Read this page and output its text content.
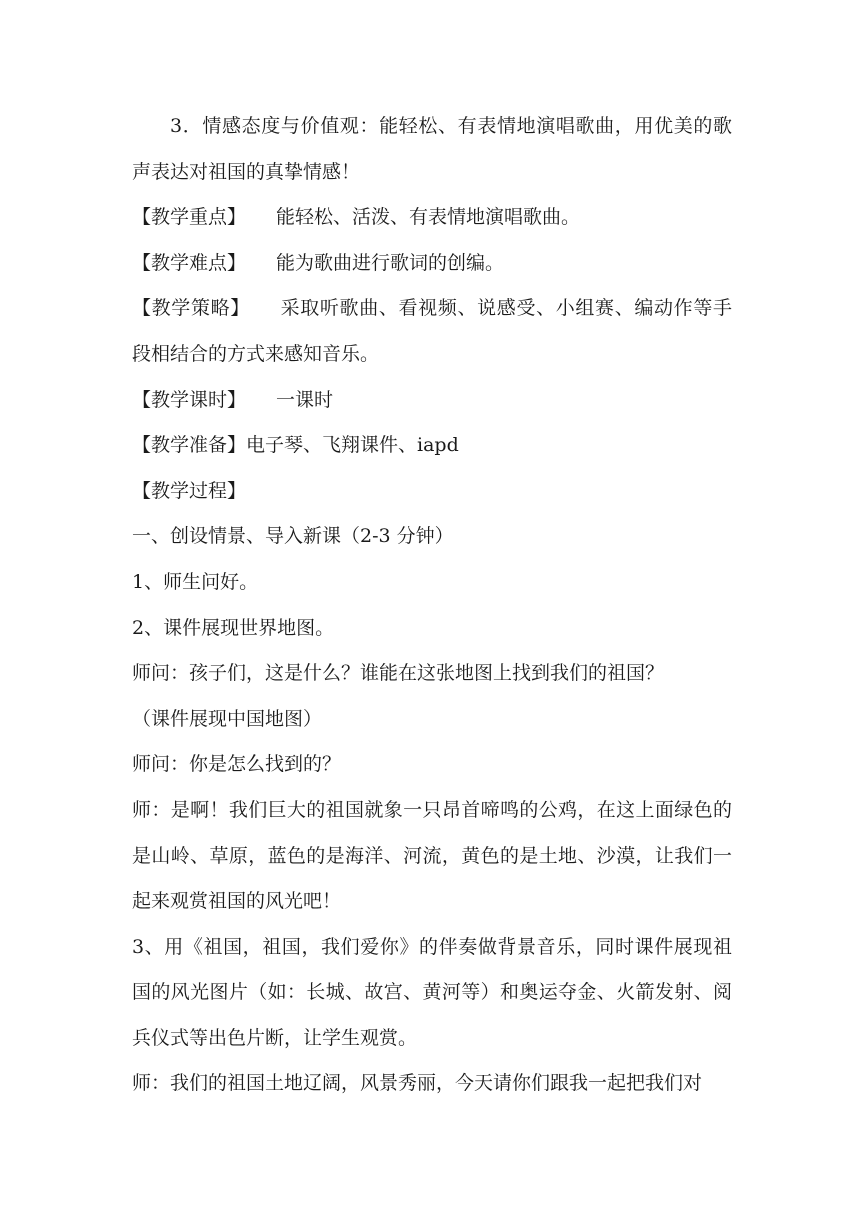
3．情感态度与价值观：能轻松、有表情地演唱歌曲，用优美的歌声表达对祖国的真挚情感！

【教学重点】 能轻松、活泼、有表情地演唱歌曲。

【教学难点】 能为歌曲进行歌词的创编。

【教学策略】 采取听歌曲、看视频、说感受、小组赛、编动作等手段相结合的方式来感知音乐。

【教学课时】 一课时

【教学准备】电子琴、飞翔课件、iapd

【教学过程】

一、创设情景、导入新课（2-3 分钟）

1、师生问好。

2、课件展现世界地图。

师问：孩子们，这是什么？谁能在这张地图上找到我们的祖国？

（课件展现中国地图）

师问：你是怎么找到的？

师：是啊！我们巨大的祖国就象一只昂首啼鸣的公鸡，在这上面绿色的是山岭、草原，蓝色的是海洋、河流，黄色的是土地、沙漠，让我们一起来观赏祖国的风光吧！

3、用《祖国，祖国，我们爱你》的伴奏做背景音乐，同时课件展现祖国的风光图片（如：长城、故宫、黄河等）和奥运夺金、火箭发射、阅兵仪式等出色片断，让学生观赏。

师：我们的祖国土地辽阔，风景秀丽，今天请你们跟我一起把我们对
